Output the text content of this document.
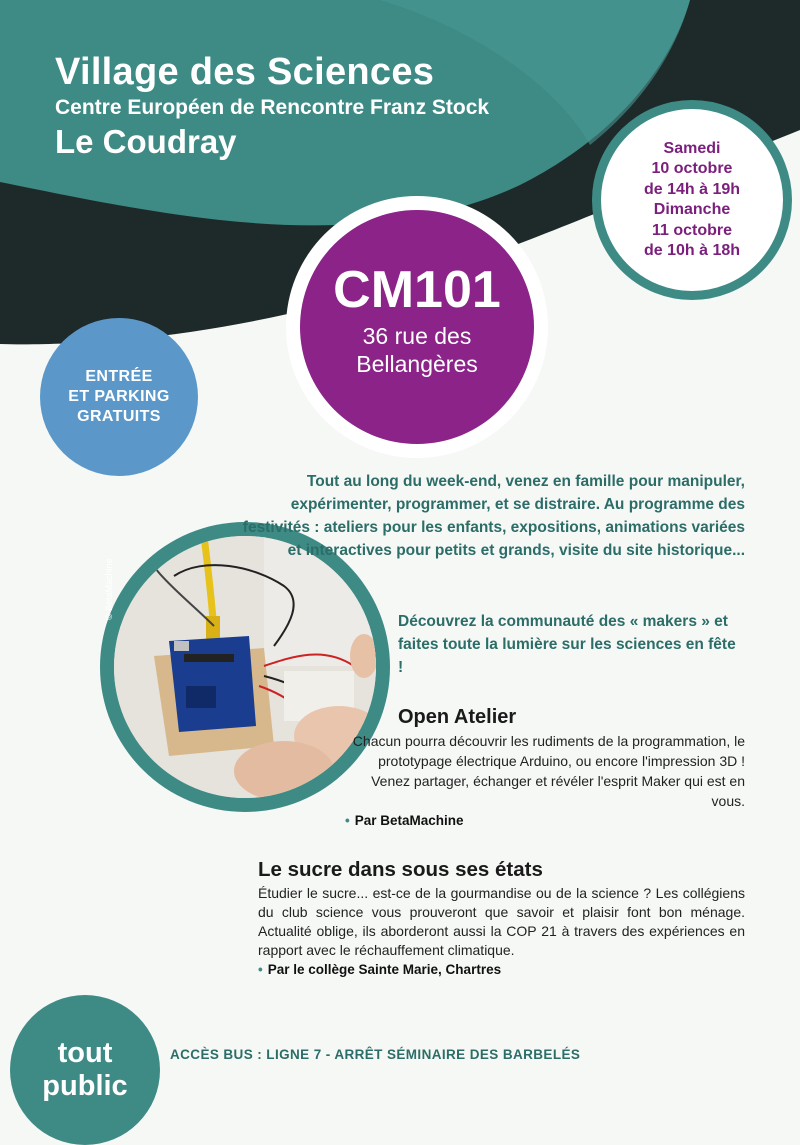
Village des Sciences

Centre Européen de Rencontre Franz Stock

Le Coudray	Samedi
10 octobre
de 14h à 19h
Dimanche
11 octobre
de 10h à 18h
CM101
36 rue des
Bellangères
ENTRÉE
ET PARKING
GRATUITS
© BetaMachine

Tout au long du week-end, venez en famille pour manipuler, expérimenter, programmer, et se distraire. Au programme des festivités : ateliers pour les enfants, expositions, animations variées et interactives pour petits et grands, visite du site historique...

Découvrez la communauté des « makers » et faites toute la lumière sur les sciences en fête !
Open Atelier
Chacun pourra découvrir les rudiments de la programmation, le prototypage électrique Arduino, ou encore l'impression 3D ! Venez partager, échanger et révéler l'esprit Maker qui est en vous.
• Par BetaMachine
Le sucre dans sous ses états
Étudier le sucre... est-ce de la gourmandise ou de la science ? Les collégiens du club science vous prouveront que savoir et plaisir font bon ménage. Actualité oblige, ils aborderont aussi la COP 21 à travers des expériences en rapport avec le réchauffement climatique.
• Par le collège Sainte Marie, Chartres
tout
public
ACCÈS BUS : LIGNE 7 - ARRÊT SÉMINAIRE DES BARBELÉS
